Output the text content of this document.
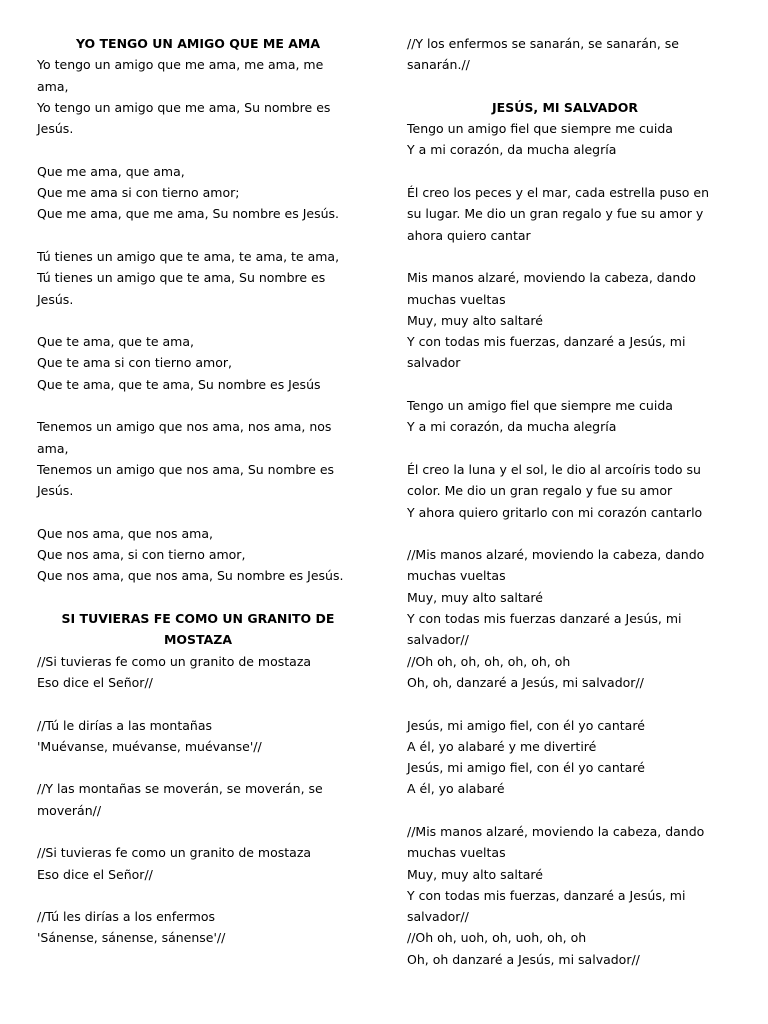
YO TENGO UN AMIGO QUE ME AMA
Yo tengo un amigo que me ama, me ama, me
ama,
Yo tengo un amigo que me ama, Su nombre es
Jesús.
Que me ama, que ama,
Que me ama si con tierno amor;
Que me ama, que me ama, Su nombre es Jesús.
Tú tienes un amigo que te ama, te ama, te ama,
Tú tienes un amigo que te ama, Su nombre es
Jesús.
Que te ama, que te ama,
Que te ama si con tierno amor,
Que te ama, que te ama, Su nombre es Jesús
Tenemos un amigo que nos ama, nos ama, nos
ama,
Tenemos un amigo que nos ama, Su nombre es
Jesús.
Que nos ama, que nos ama,
Que nos ama, si con tierno amor,
Que nos ama, que nos ama, Su nombre es Jesús.
SI TUVIERAS FE COMO UN GRANITO DE MOSTAZA
//Si tuvieras fe como un granito de mostaza
Eso dice el Señor//
//Tú le dirías a las montañas
'Muévanse, muévanse, muévanse'//
//Y las montañas se moverán, se moverán, se
moverán//
//Si tuvieras fe como un granito de mostaza
Eso dice el Señor//
//Tú les dirías a los enfermos
'Sánense, sánense, sánense'//
//Y los enfermos se sanarán, se sanarán, se
sanarán.//
JESÚS, MI SALVADOR
Tengo un amigo fiel que siempre me cuida
Y a mi corazón, da mucha alegría
Él creo los peces y el mar, cada estrella puso en
su lugar. Me dio un gran regalo y fue su amor y
ahora quiero cantar
Mis manos alzaré, moviendo la cabeza, dando
muchas vueltas
Muy, muy alto saltaré
Y con todas mis fuerzas, danzaré a Jesús, mi
salvador
Tengo un amigo fiel que siempre me cuida
Y a mi corazón, da mucha alegría
Él creo la luna y el sol, le dio al arcoíris todo su
color. Me dio un gran regalo y fue su amor
Y ahora quiero gritarlo con mi corazón cantarlo
//Mis manos alzaré, moviendo la cabeza, dando
muchas vueltas
Muy, muy alto saltaré
Y con todas mis fuerzas danzaré a Jesús, mi
salvador//
//Oh oh, oh, oh, oh, oh, oh
Oh, oh, danzaré a Jesús, mi salvador//
Jesús, mi amigo fiel, con él yo cantaré
A él, yo alabaré y me divertiré
Jesús, mi amigo fiel, con él yo cantaré
A él, yo alabaré
//Mis manos alzaré, moviendo la cabeza, dando
muchas vueltas
Muy, muy alto saltaré
Y con todas mis fuerzas, danzaré a Jesús, mi
salvador//
//Oh oh, uoh, oh, uoh, oh, oh
Oh, oh danzaré a Jesús, mi salvador//
